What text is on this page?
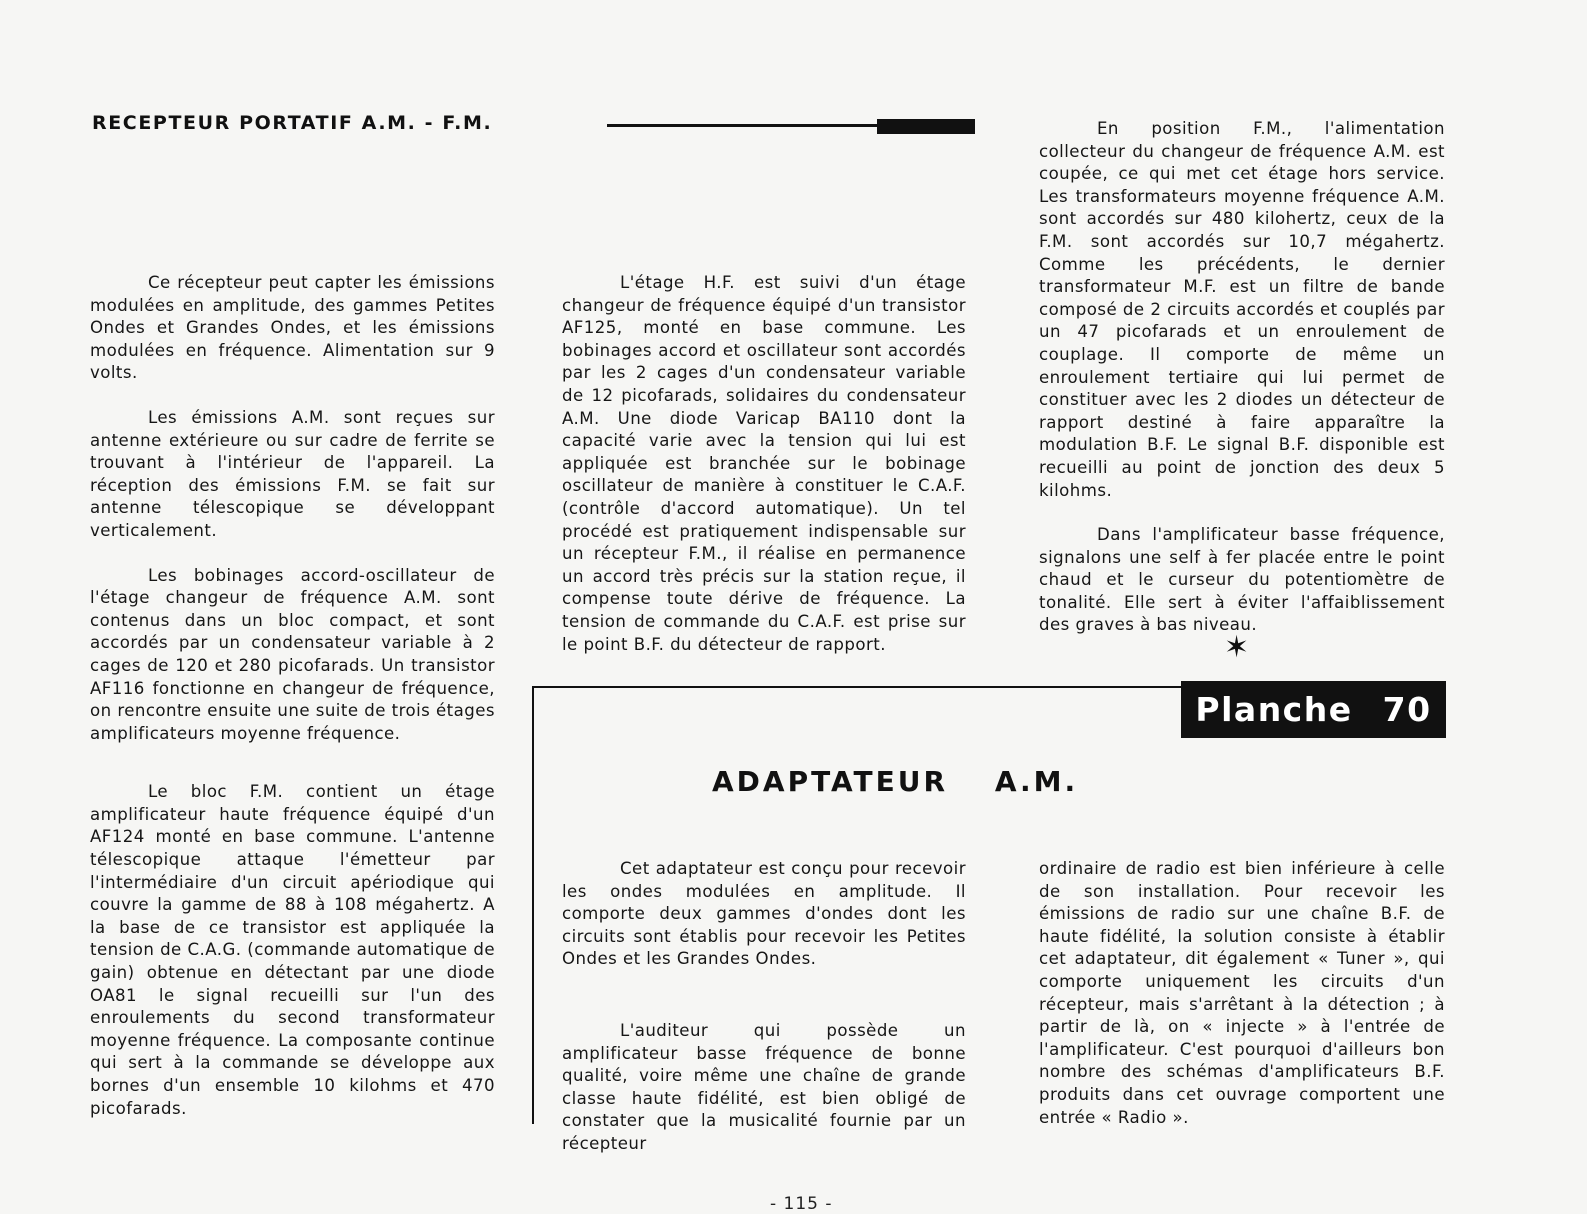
RECEPTEUR PORTATIF A.M. - F.M.

Ce récepteur peut capter les émissions modulées en amplitude, des gammes Petites Ondes et Grandes Ondes, et les émissions modulées en fréquence. Alimentation sur 9 volts.

Les émissions A.M. sont reçues sur antenne extérieure ou sur cadre de ferrite se trouvant à l'intérieur de l'appareil. La réception des émissions F.M. se fait sur antenne télescopique se développant verticalement.

Les bobinages accord-oscillateur de l'étage changeur de fréquence A.M. sont contenus dans un bloc compact, et sont accordés par un condensateur variable à 2 cages de 120 et 280 picofarads. Un transistor AF116 fonctionne en changeur de fréquence, on rencontre ensuite une suite de trois étages amplificateurs moyenne fréquence.

Le bloc F.M. contient un étage amplificateur haute fréquence équipé d'un AF124 monté en base commune. L'antenne télescopique attaque l'émetteur par l'intermédiaire d'un circuit apériodique qui couvre la gamme de 88 à 108 mégahertz. A la base de ce transistor est appliquée la tension de C.A.G. (commande automatique de gain) obtenue en détectant par une diode OA81 le signal recueilli sur l'un des enroulements du second transformateur moyenne fréquence. La composante continue qui sert à la commande se développe aux bornes d'un ensemble 10 kilohms et 470 picofarads.

L'étage H.F. est suivi d'un étage changeur de fréquence équipé d'un transistor AF125, monté en base commune. Les bobinages accord et oscillateur sont accordés par les 2 cages d'un condensateur variable de 12 picofarads, solidaires du condensateur A.M. Une diode Varicap BA110 dont la capacité varie avec la tension qui lui est appliquée est branchée sur le bobinage oscillateur de manière à constituer le C.A.F. (contrôle d'accord automatique). Un tel procédé est pratiquement indispensable sur un récepteur F.M., il réalise en permanence un accord très précis sur la station reçue, il compense toute dérive de fréquence. La tension de commande du C.A.F. est prise sur le point B.F. du détecteur de rapport.

En position F.M., l'alimentation collecteur du changeur de fréquence A.M. est coupée, ce qui met cet étage hors service. Les transformateurs moyenne fréquence A.M. sont accordés sur 480 kilohertz, ceux de la F.M. sont accordés sur 10,7 mégahertz. Comme les précédents, le dernier transformateur M.F. est un filtre de bande composé de 2 circuits accordés et couplés par un 47 picofarads et un enroulement de couplage. Il comporte de même un enroulement tertiaire qui lui permet de constituer avec les 2 diodes un détecteur de rapport destiné à faire apparaître la modulation B.F. Le signal B.F. disponible est recueilli au point de jonction des deux 5 kilohms.

Dans l'amplificateur basse fréquence, signalons une self à fer placée entre le point chaud et le curseur du potentiomètre de tonalité. Elle sert à éviter l'affaiblissement des graves à bas niveau.

✶
Planche 70
ADAPTATEUR A.M.

Cet adaptateur est conçu pour recevoir les ondes modulées en amplitude. Il comporte deux gammes d'ondes dont les circuits sont établis pour recevoir les Petites Ondes et les Grandes Ondes.

L'auditeur qui possède un amplificateur basse fréquence de bonne qualité, voire même une chaîne de grande classe haute fidélité, est bien obligé de constater que la musicalité fournie par un récepteur

ordinaire de radio est bien inférieure à celle de son installation. Pour recevoir les émissions de radio sur une chaîne B.F. de haute fidélité, la solution consiste à établir cet adaptateur, dit également « Tuner », qui comporte uniquement les circuits d'un récepteur, mais s'arrêtant à la détection ; à partir de là, on « injecte » à l'entrée de l'amplificateur. C'est pourquoi d'ailleurs bon nombre des schémas d'amplificateurs B.F. produits dans cet ouvrage comportent une entrée « Radio ».

- 115 -
